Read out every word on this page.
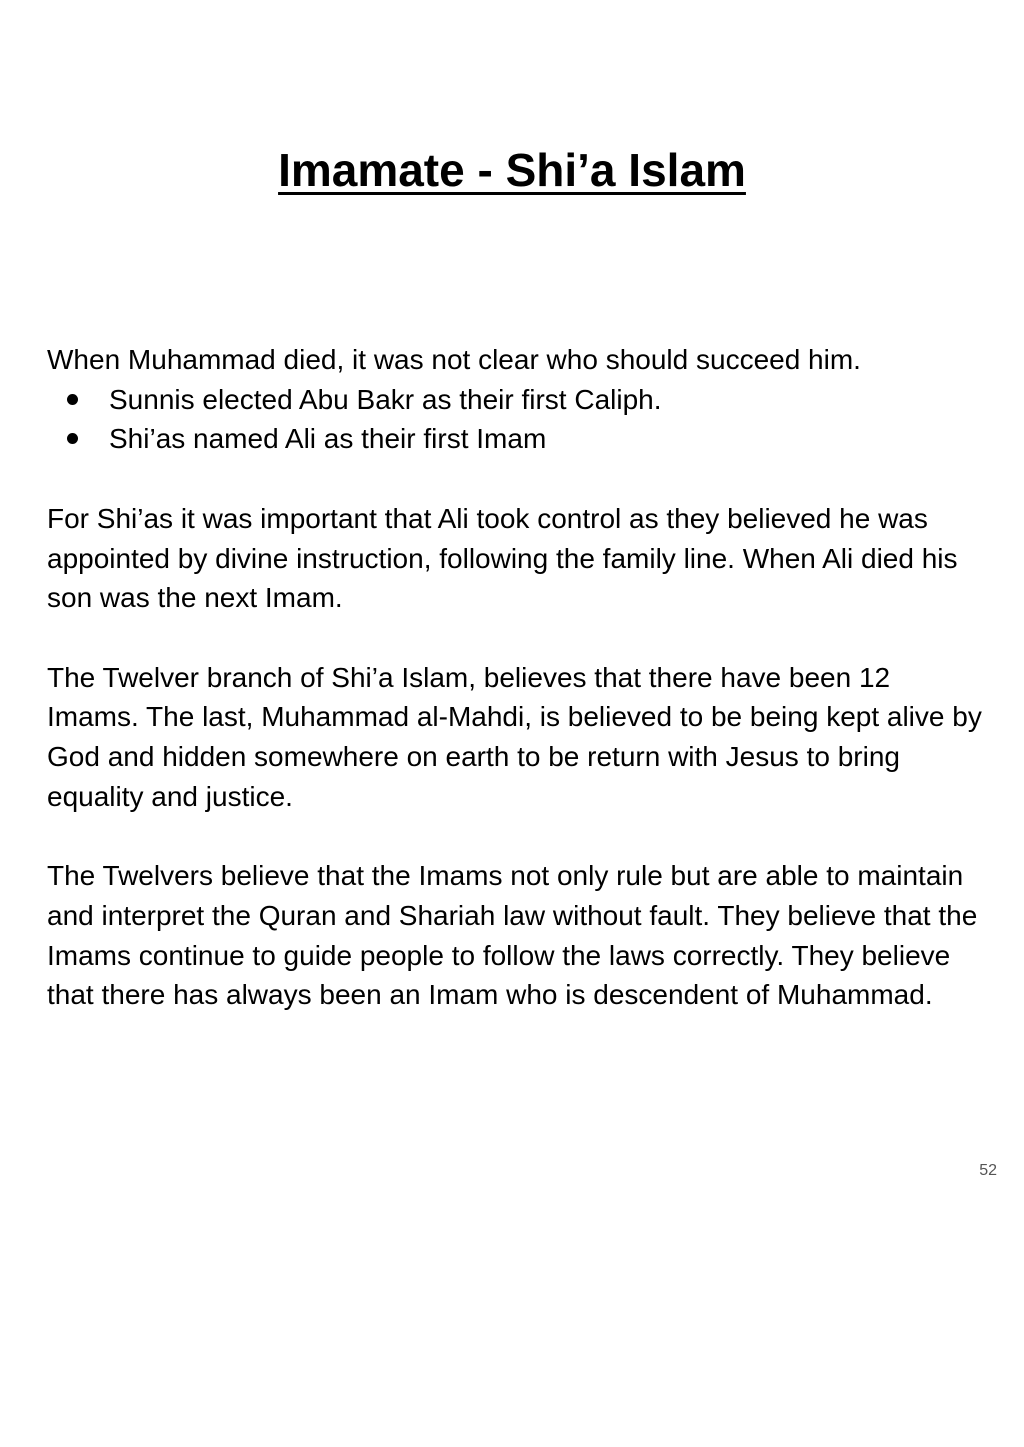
Imamate - Shi’a Islam

When Muhammad died, it was not clear who should succeed him.

Sunnis elected Abu Bakr as their first Caliph.
Shi’as named Ali as their first Imam

For Shi’as it was important that Ali took control as they believed he was appointed by divine instruction, following the family line. When Ali died his son was the next Imam.

The Twelver branch of Shi’a Islam, believes that there have been 12 Imams. The last, Muhammad al-Mahdi, is believed to be being kept alive by God and hidden somewhere on earth to be return with Jesus to bring equality and justice.

The Twelvers believe that the Imams not only rule but are able to maintain and interpret the Quran and Shariah law without fault. They believe that the Imams continue to guide people to follow the laws correctly. They believe that there has always been an Imam who is descendent of Muhammad.

52
